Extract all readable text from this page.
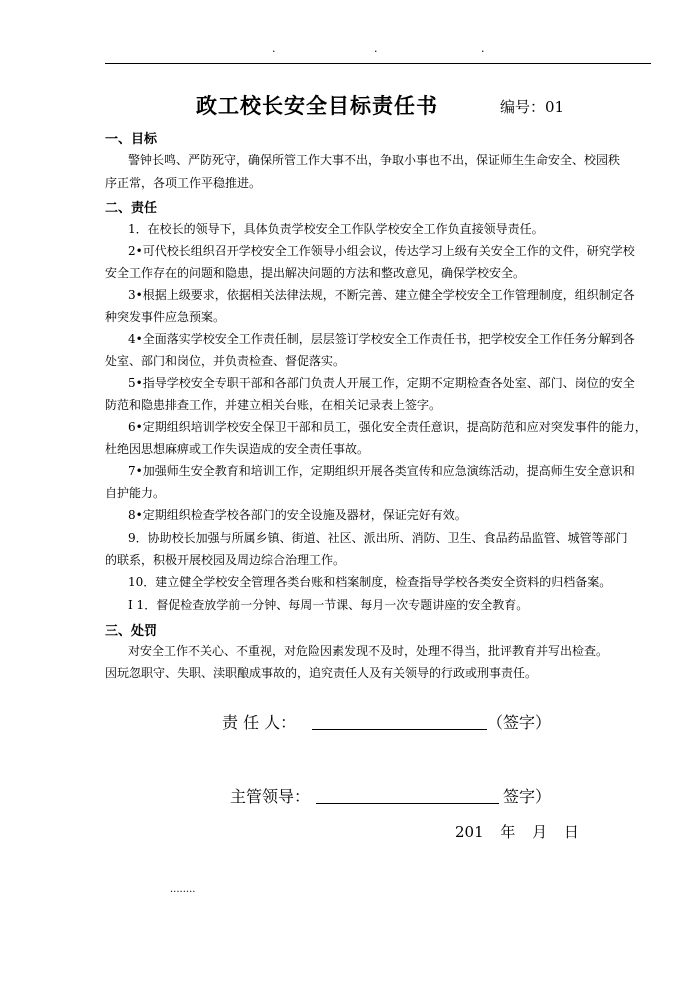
.	.	.
政工校长安全目标责任书	编号：01
一、目标
警钟长鸣、严防死守，确保所管工作大事不出，争取小事也不出，保证师生生命安全、校园秩
序正常，各项工作平稳推进。
二、责任
1．在校长的领导下，具体负责学校安全工作队学校安全工作负直接领导责任。
2•可代校长组织召开学校安全工作领导小组会议，传达学习上级有关安全工作的文件，研究学校
安全工作存在的问题和隐患，提出解决问题的方法和整改意见，确保学校安全。
3•根据上级要求，依据相关法律法规，不断完善、建立健全学校安全工作管理制度，组织制定各
种突发事件应急预案。
4•全面落实学校安全工作责任制，层层签订学校安全工作责任书，把学校安全工作任务分解到各
处室、部门和岗位，并负责检查、督促落实。
5•指导学校安全专职干部和各部门负责人开展工作，定期不定期检查各处室、部门、岗位的安全
防范和隐患排查工作，并建立相关台账，在相关记录表上签字。
6•定期组织培训学校安全保卫干部和员工，强化安全责任意识，提高防范和应对突发事件的能力，
杜绝因思想麻痹或工作失误造成的安全责任事故。
7•加强师生安全教育和培训工作，定期组织开展各类宣传和应急演练活动，提高师生安全意识和
自护能力。
8•定期组织检查学校各部门的安全设施及器材，保证完好有效。
9．协助校长加强与所属乡镇、街道、社区、派出所、消防、卫生、食品药品监管、城管等部门
的联系，积极开展校园及周边综合治理工作。
10．建立健全学校安全管理各类台账和档案制度，检查指导学校各类安全资料的归档备案。
I 1．督促检查放学前一分钟、每周一节课、每月一次专题讲座的安全教育。
三、处罚
对安全工作不关心、不重视，对危险因素发现不及时，处理不得当，批评教育并写出检查。
因玩忽职守、失职、渎职酿成事故的，追究责任人及有关领导的行政或刑事责任。
责 任 人：	（签字）
主管领导：	签字）
201 年 月 日
........
